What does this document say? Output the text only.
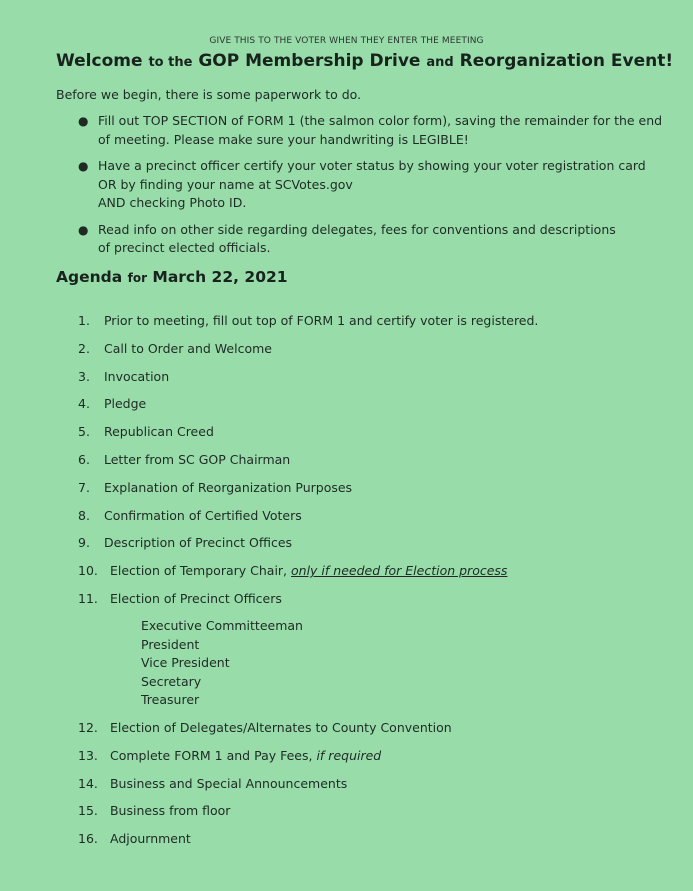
GIVE THIS TO THE VOTER WHEN THEY ENTER THE MEETING
Welcome to the GOP Membership Drive and Reorganization Event!
Before we begin, there is some paperwork to do.
● Fill out TOP SECTION of FORM 1 (the salmon color form), saving the remainder for the end
of meeting. Please make sure your handwriting is LEGIBLE!
● Have a precinct officer certify your voter status by showing your voter registration card
OR by finding your name at SCVotes.gov
AND checking Photo ID.
● Read info on other side regarding delegates, fees for conventions and descriptions
of precinct elected officials.
Agenda for March 22, 2021
1. Prior to meeting, fill out top of FORM 1 and certify voter is registered.
2. Call to Order and Welcome
3. Invocation
4. Pledge
5. Republican Creed
6. Letter from SC GOP Chairman
7. Explanation of Reorganization Purposes
8. Confirmation of Certified Voters
9. Description of Precinct Offices
10. Election of Temporary Chair, only if needed for Election process
11. Election of Precinct Officers
Executive Committeeman
President
Vice President
Secretary
Treasurer
12. Election of Delegates/Alternates to County Convention
13. Complete FORM 1 and Pay Fees, if required
14. Business and Special Announcements
15. Business from floor
16. Adjournment
